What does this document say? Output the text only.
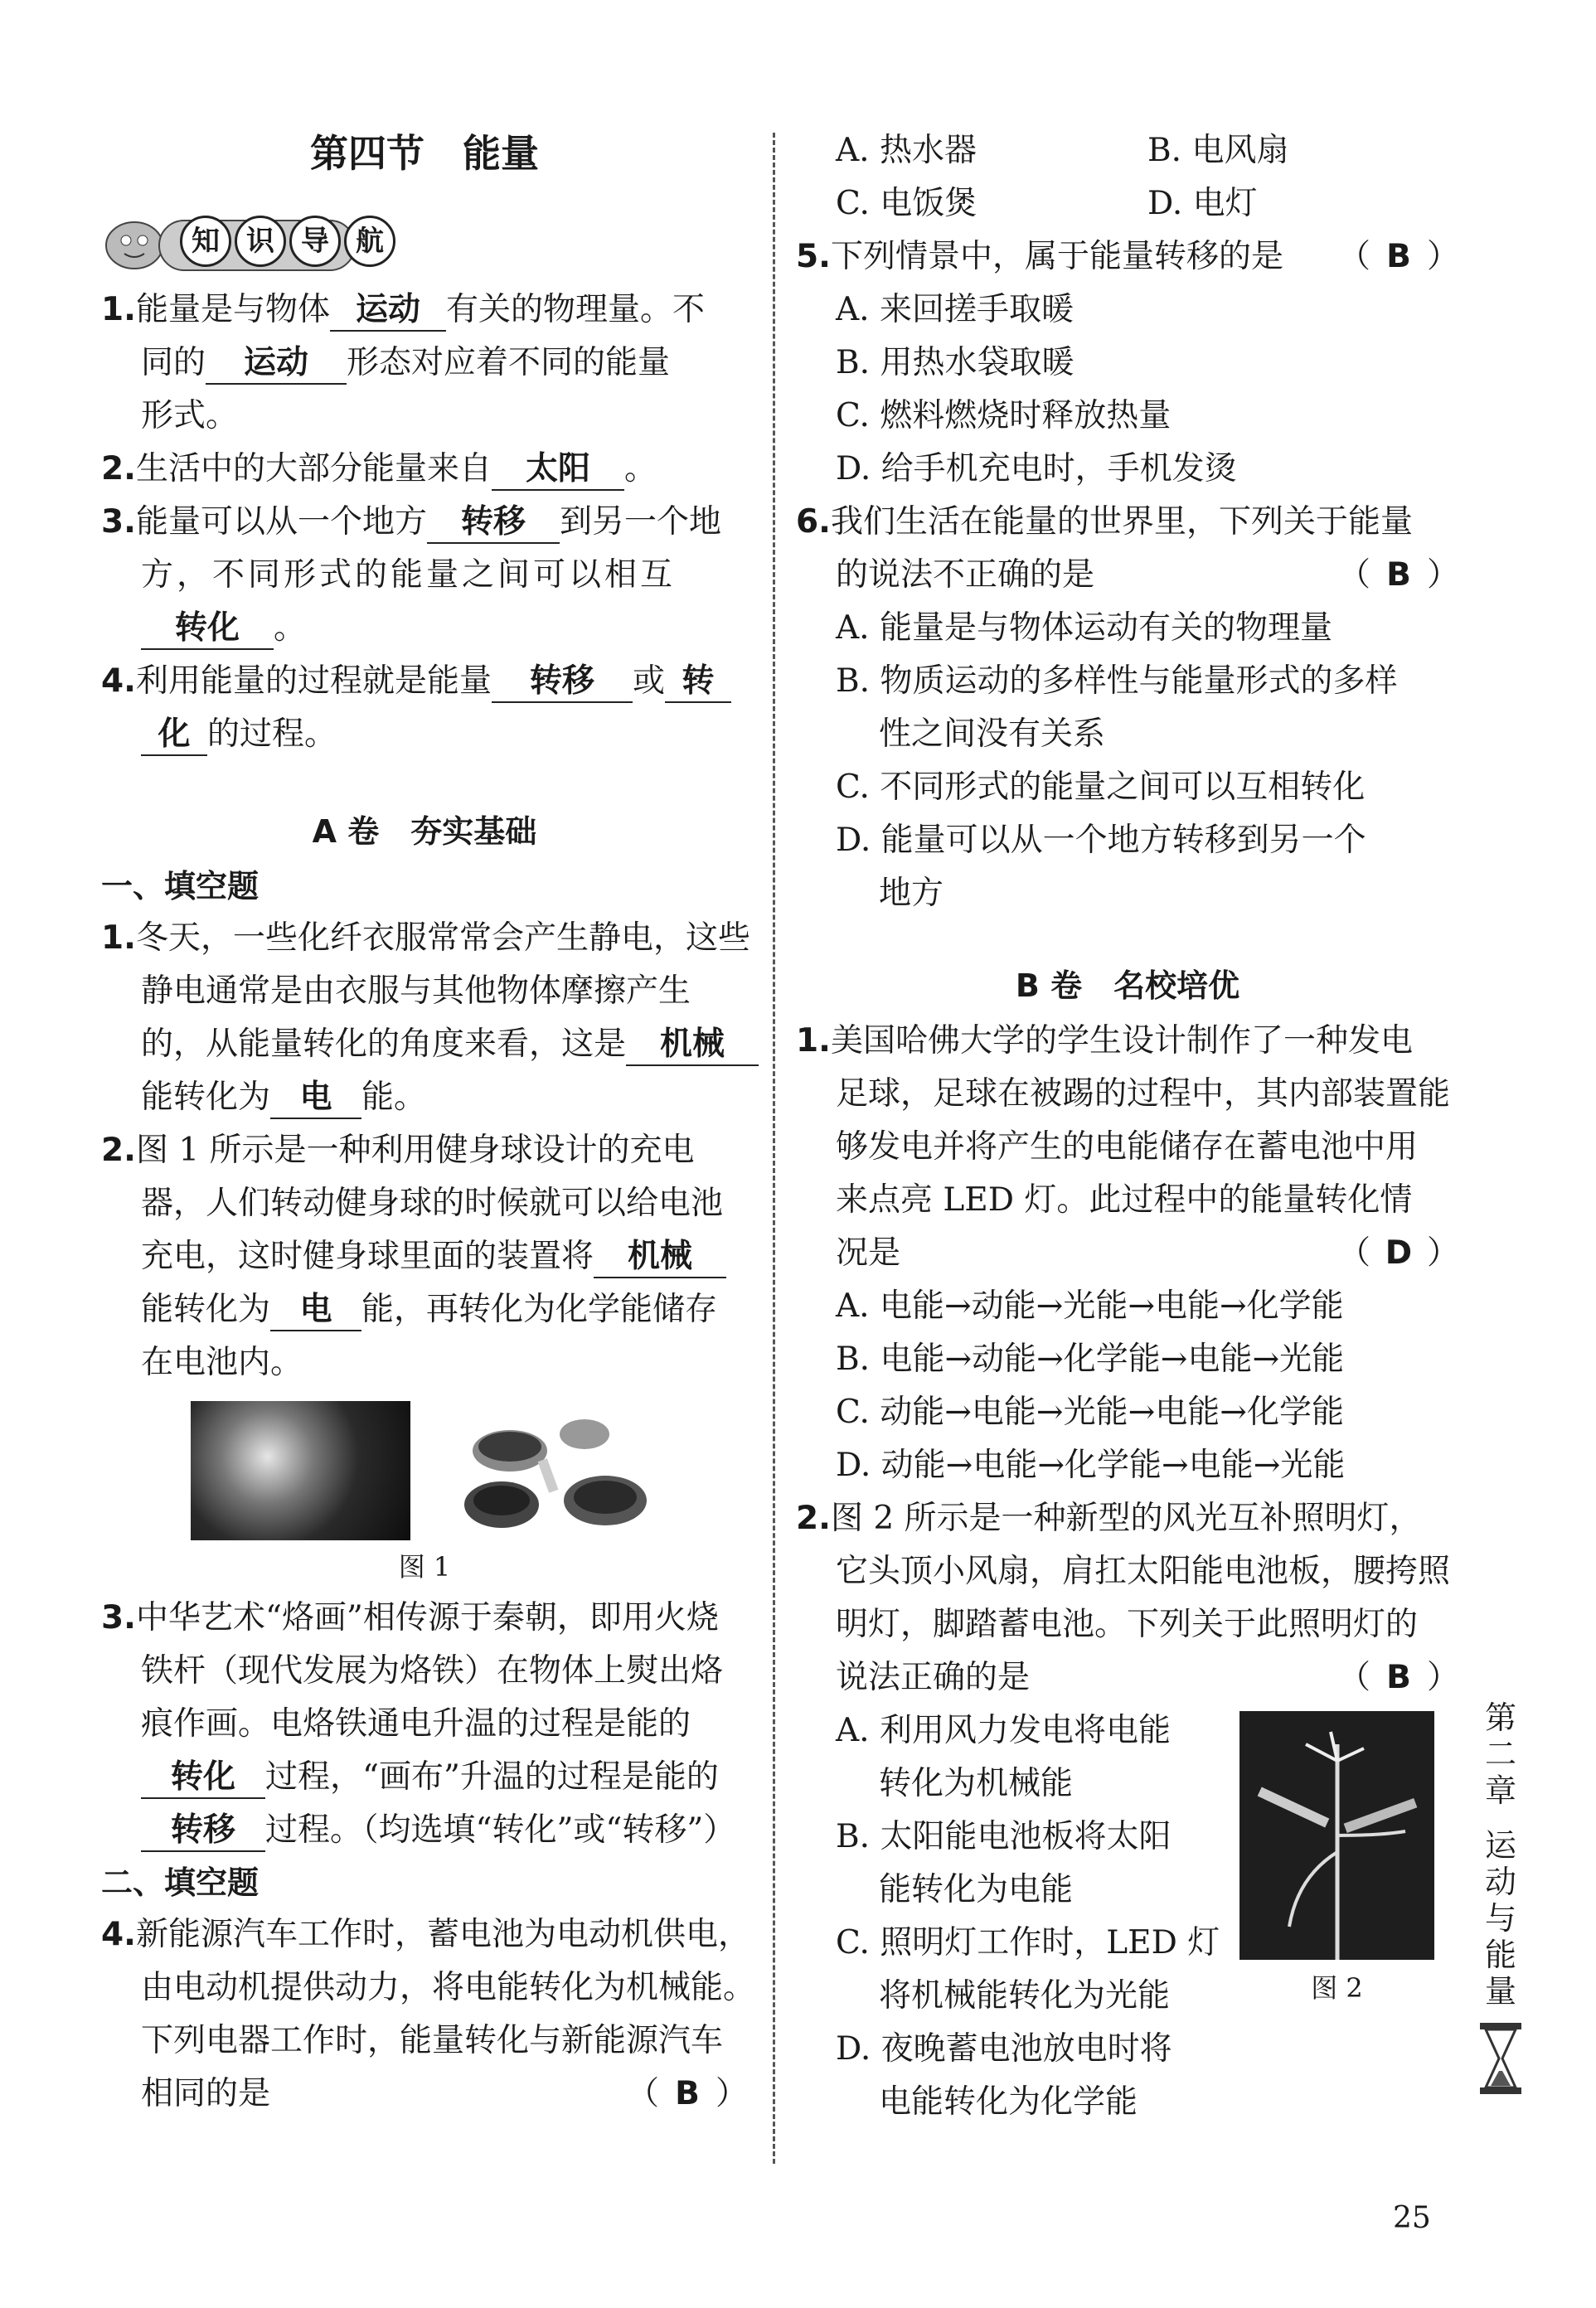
第四节　能量
知 识 导 航
1.能量是与物体 运动 有关的物理量。不
同的 运动 形态对应着不同的能量
形式。
2.生活中的大部分能量来自 太阳 。
3.能量可以从一个地方 转移 到另一个地
方，不同形式的能量之间可以相互
转化 。
4.利用能量的过程就是能量 转移 或 转
化 的过程。
A 卷　夯实基础
一、填空题
1.冬天，一些化纤衣服常常会产生静电，这些
静电通常是由衣服与其他物体摩擦产生
的，从能量转化的角度来看，这是 机械
能转化为 电 能。
2.图 1 所示是一种利用健身球设计的充电
器，人们转动健身球的时候就可以给电池
充电，这时健身球里面的装置将 机械
能转化为 电 能，再转化为化学能储存
在电池内。
图 1
3.中华艺术“烙画”相传源于秦朝，即用火烧
铁杆（现代发展为烙铁）在物体上熨出烙
痕作画。电烙铁通电升温的过程是能的
转化 过程，“画布”升温的过程是能的
转移 过程。（均选填“转化”或“转移”）
二、填空题
4.新能源汽车工作时，蓄电池为电动机供电，
由电动机提供动力，将电能转化为机械能。
下列电器工作时，能量转化与新能源汽车
相同的是	（ B ）
A. 热水器	B. 电风扇
C. 电饭煲	D. 电灯
5.下列情景中，属于能量转移的是 （ B ）
A. 来回搓手取暖
B. 用热水袋取暖
C. 燃料燃烧时释放热量
D. 给手机充电时，手机发烫
6.我们生活在能量的世界里，下列关于能量
的说法不正确的是	（ B ）
A. 能量是与物体运动有关的物理量
B. 物质运动的多样性与能量形式的多样
性之间没有关系
C. 不同形式的能量之间可以互相转化
D. 能量可以从一个地方转移到另一个
地方
B 卷　名校培优
1.美国哈佛大学的学生设计制作了一种发电
足球，足球在被踢的过程中，其内部装置能
够发电并将产生的电能储存在蓄电池中用
来点亮 LED 灯。此过程中的能量转化情
况是	（ D ）
A. 电能→动能→光能→电能→化学能
B. 电能→动能→化学能→电能→光能
C. 动能→电能→光能→电能→化学能
D. 动能→电能→化学能→电能→光能
2.图 2 所示是一种新型的风光互补照明灯，
它头顶小风扇，肩扛太阳能电池板，腰挎照
明灯，脚踏蓄电池。下列关于此照明灯的
说法正确的是	（ B ）
图 2
A. 利用风力发电将电能
转化为机械能
B. 太阳能电池板将太阳
能转化为电能
C. 照明灯工作时，LED 灯
将机械能转化为光能
D. 夜晚蓄电池放电时将
电能转化为化学能
第
二
章
运
动
与
能
量
25
